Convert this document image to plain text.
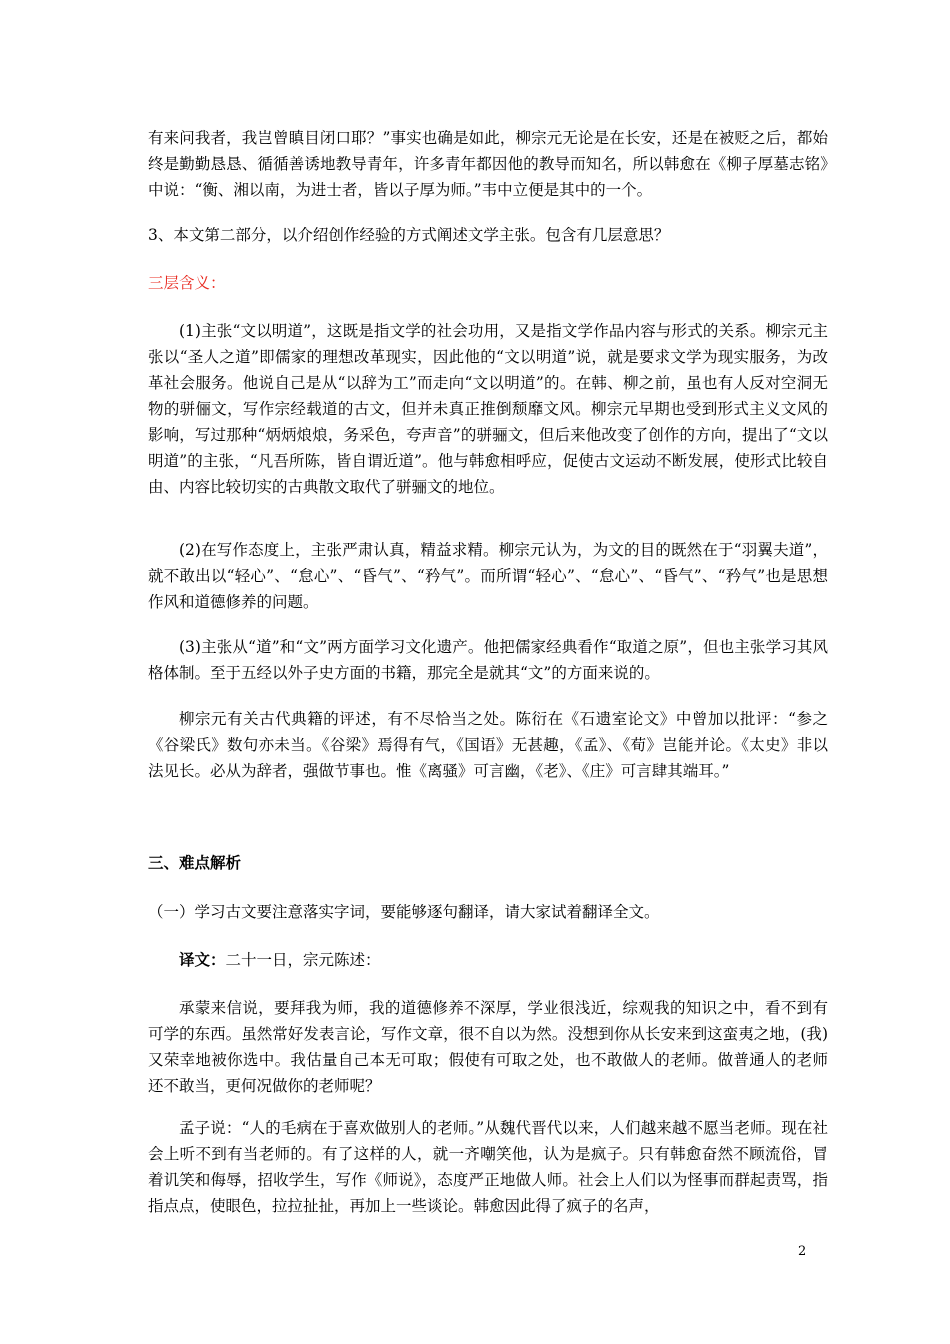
有来问我者，我岂曾瞋目闭口耶？”事实也确是如此，柳宗元无论是在长安，还是在被贬之后，都始终是勤勤恳恳、循循善诱地教导青年，许多青年都因他的教导而知名，所以韩愈在《柳子厚墓志铭》中说：“衡、湘以南，为进士者，皆以子厚为师。”韦中立便是其中的一个。

3、本文第二部分，以介绍创作经验的方式阐述文学主张。包含有几层意思？

三层含义：

(1)主张“文以明道”，这既是指文学的社会功用，又是指文学作品内容与形式的关系。柳宗元主张以“圣人之道”即儒家的理想改革现实，因此他的“文以明道”说，就是要求文学为现实服务，为改革社会服务。他说自己是从“以辞为工”而走向“文以明道”的。在韩、柳之前，虽也有人反对空洞无物的骈俪文，写作宗经载道的古文，但并未真正推倒颓靡文风。柳宗元早期也受到形式主义文风的影响，写过那种“炳炳烺烺，务采色，夸声音”的骈骊文，但后来他改变了创作的方向，提出了“文以明道”的主张，“凡吾所陈，皆自谓近道”。他与韩愈相呼应，促使古文运动不断发展，使形式比较自由、内容比较切实的古典散文取代了骈骊文的地位。

(2)在写作态度上，主张严肃认真，精益求精。柳宗元认为，为文的目的既然在于“羽翼夫道”，就不敢出以“轻心”、“怠心”、“昏气”、“矜气”。而所谓“轻心”、“怠心”、“昏气”、“矜气”也是思想作风和道德修养的问题。

(3)主张从“道”和“文”两方面学习文化遗产。他把儒家经典看作“取道之原”，但也主张学习其风格体制。至于五经以外子史方面的书籍，那完全是就其“文”的方面来说的。

柳宗元有关古代典籍的评述，有不尽恰当之处。陈衍在《石遗室论文》中曾加以批评：“参之《谷梁氏》数句亦未当。《谷梁》焉得有气，《国语》无甚趣，《孟》、《荀》岂能并论。《太史》非以法见长。必从为辞者，强做节事也。惟《离骚》可言幽，《老》、《庄》可言肆其端耳。”

三、难点解析

（一）学习古文要注意落实字词，要能够逐句翻译，请大家试着翻译全文。

译文：二十一日，宗元陈述：

承蒙来信说，要拜我为师，我的道德修养不深厚，学业很浅近，综观我的知识之中，看不到有可学的东西。虽然常好发表言论，写作文章，很不自以为然。没想到你从长安来到这蛮夷之地，(我)又荣幸地被你选中。我估量自己本无可取；假使有可取之处，也不敢做人的老师。做普通人的老师还不敢当，更何况做你的老师呢？

孟子说：“人的毛病在于喜欢做别人的老师。”从魏代晋代以来，人们越来越不愿当老师。现在社会上听不到有当老师的。有了这样的人，就一齐嘲笑他，认为是疯子。只有韩愈奋然不顾流俗，冒着讥笑和侮辱，招收学生，写作《师说》，态度严正地做人师。社会上人们以为怪事而群起责骂，指指点点，使眼色，拉拉扯扯，再加上一些谈论。韩愈因此得了疯子的名声，

2
